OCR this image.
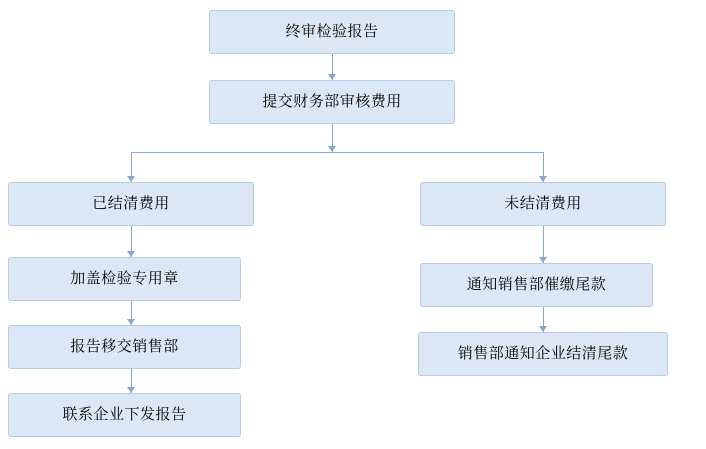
终审检验报告
提交财务部审核费用
已结清费用	未结清费用
加盖检验专用章	通知销售部催缴尾款
报告移交销售部	销售部通知企业结清尾款
联系企业下发报告
